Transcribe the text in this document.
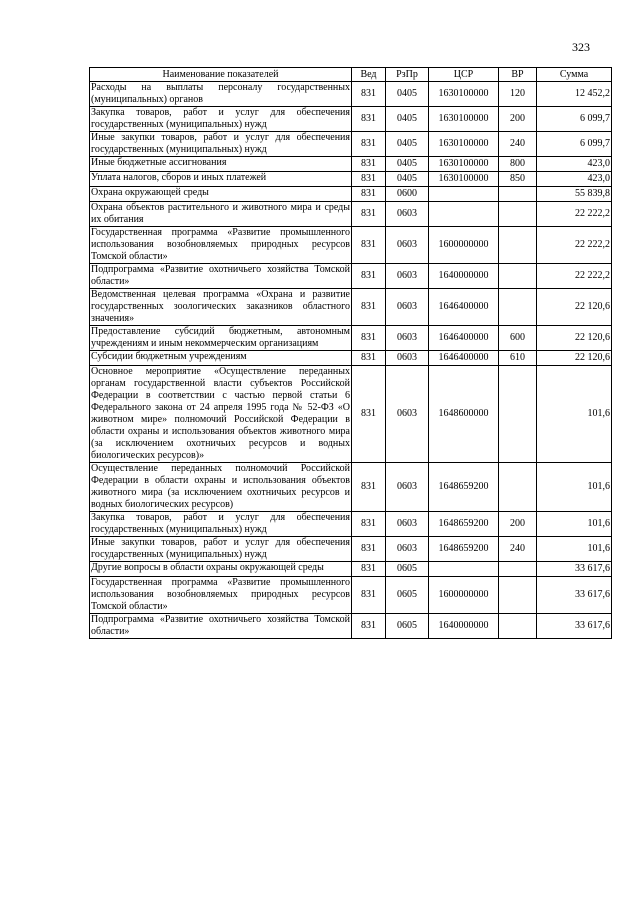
323
Наименование показателей	Вед	РзПр	ЦСР	ВР	Сумма
Расходы на выплаты персоналу государственных (муниципальных) органов	831	0405	1630100000	120	12 452,2
Закупка товаров, работ и услуг для обеспечения государственных (муниципальных) нужд	831	0405	1630100000	200	6 099,7
Иные закупки товаров, работ и услуг для обеспечения государственных (муниципальных) нужд	831	0405	1630100000	240	6 099,7
Иные бюджетные ассигнования	831	0405	1630100000	800	423,0
Уплата налогов, сборов и иных платежей	831	0405	1630100000	850	423,0
Охрана окружающей среды	831	0600			55 839,8
Охрана объектов растительного и животного мира и среды их обитания	831	0603			22 222,2
Государственная программа «Развитие промышленного использования возобновляемых природных ресурсов Томской области»	831	0603	1600000000		22 222,2
Подпрограмма «Развитие охотничьего хозяйства Томской области»	831	0603	1640000000		22 222,2
Ведомственная целевая программа «Охрана и развитие государственных зоологических заказников областного значения»	831	0603	1646400000		22 120,6
Предоставление субсидий бюджетным, автономным учреждениям и иным некоммерческим организациям	831	0603	1646400000	600	22 120,6
Субсидии бюджетным учреждениям	831	0603	1646400000	610	22 120,6
Основное мероприятие «Осуществление переданных органам государственной власти субъектов Российской Федерации в соответствии с частью первой статьи 6 Федерального закона от 24 апреля 1995 года № 52-ФЗ «О животном мире» полномочий Российской Федерации в области охраны и использования объектов животного мира (за исключением охотничьих ресурсов и водных биологических ресурсов)»	831	0603	1648600000		101,6
Осуществление переданных полномочий Российской Федерации в области охраны и использования объектов животного мира (за исключением охотничьих ресурсов и водных биологических ресурсов)	831	0603	1648659200		101,6
Закупка товаров, работ и услуг для обеспечения государственных (муниципальных) нужд	831	0603	1648659200	200	101,6
Иные закупки товаров, работ и услуг для обеспечения государственных (муниципальных) нужд	831	0603	1648659200	240	101,6
Другие вопросы в области охраны окружающей среды	831	0605			33 617,6
Государственная программа «Развитие промышленного использования возобновляемых природных ресурсов Томской области»	831	0605	1600000000		33 617,6
Подпрограмма «Развитие охотничьего хозяйства Томской области»	831	0605	1640000000		33 617,6
